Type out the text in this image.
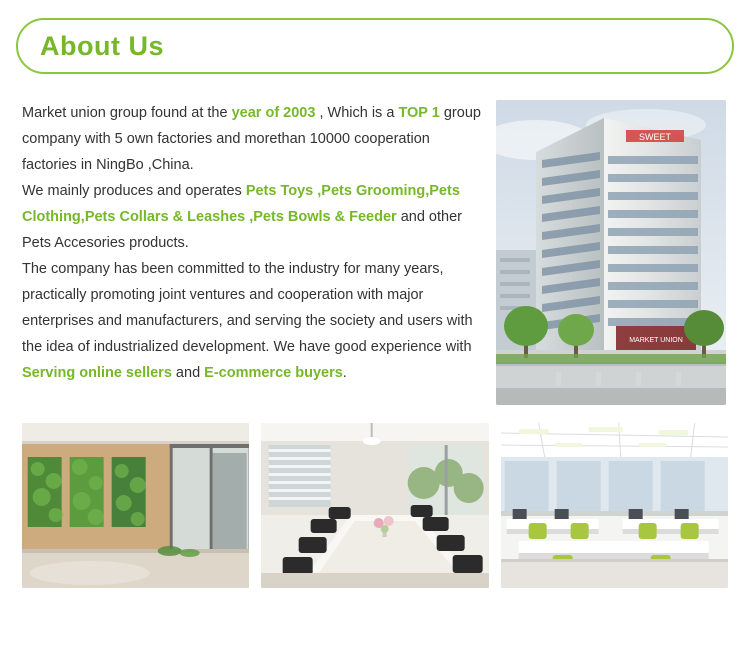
About Us

Market union group found at the year of 2003 , Which is a TOP 1 group company with 5 own factories and morethan 10000 cooperation factories in NingBo ,China.
We mainly produces and operates Pets Toys ,Pets Grooming,Pets Clothing,Pets Collars & Leashes ,Pets Bowls & Feeder and other Pets Accesories products.
The company has been committed to the industry for many years, practically promoting joint ventures and cooperation with major enterprises and manufacturers, and serving the society and users with the idea of industrialized development. We have good experience with Serving online sellers and E-commerce buyers.

SWEET
MARKET UNION
